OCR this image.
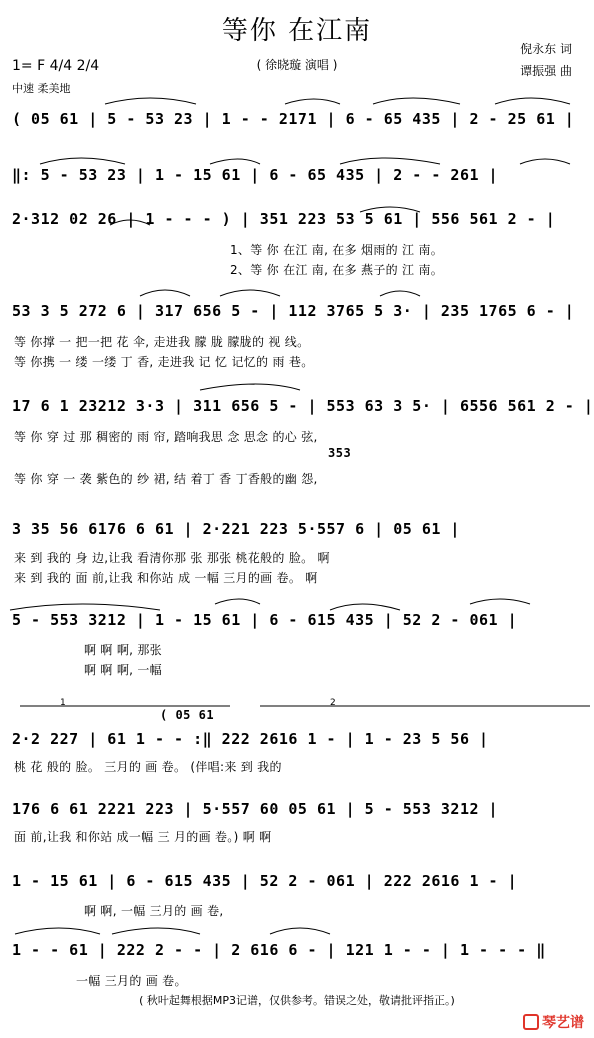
等你 在江南
( 徐晓璇 演唱 )
倪永东 词
谭振强 曲
1= F 4/4 2/4
中速 柔美地
( 05 61 | 5 - 53 23 | 1 - - 2171 | 6 - 65 435 | 2 - 25 61 |
‖: 5 - 53 23 | 1 - 15 61 | 6 - 65 435 | 2 - - 261 |
2·312 02 26 | 1 - - - ) | 351 223 53 5 61 | 556 561 2 - |
1、等 你 在江 南, 在多 烟雨的 江 南。
2、等 你 在江 南, 在多 燕子的 江 南。
53 3 5 272 6 | 317 656 5 - | 112 3765 5 3· | 235 1765 6 - |
等 你撑 一 把一把 花 伞, 走进我 朦 胧 朦胧的 视 线。
等 你携 一 缕 一缕 丁 香, 走进我 记 忆 记忆的 雨 巷。
17 6 1 23212 3·3 | 311 656 5 - | 553 63 3 5· | 6556 561 2 - |
等 你 穿 过 那 稠密的 雨 帘, 踏响我思 念 思念 的心 弦,
353
等 你 穿 一 袭 紫色的 纱 裙, 结 着丁 香 丁香般的幽 怨,
3 35 56 6176 6 61 | 2·221 223 5·557 6 | 05 61 |
来 到 我的 身 边,让我 看清你那 张 那张 桃花般的 脸。 啊
来 到 我的 面 前,让我 和你站 成 一幅 三月的画 卷。 啊
5 - 553 3212 | 1 - 15 61 | 6 - 615 435 | 52 2 - 061 |
啊 啊 啊, 那张
啊 啊 啊, 一幅
1	2
( 05 61
2·2 227 | 61 1 - - :‖ 222 2616 1 - | 1 - 23 5 56 |
桃 花 般的 脸。 三月的 画 卷。 (伴唱:来 到 我的
176 6 61 2221 223 | 5·557 60 05 61 | 5 - 553 3212 |
面 前,让我 和你站 成一幅 三 月的画 卷。) 啊 啊
1 - 15 61 | 6 - 615 435 | 52 2 - 061 | 222 2616 1 - |
啊 啊, 一幅 三月的 画 卷,
1 - - 61 | 222 2 - - | 2 616 6 - | 121 1 - - | 1 - - - ‖
一幅 三月的 画 卷。
( 秋叶起舞根据MP3记谱，仅供参考。错误之处，敬请批评指正。)
琴艺谱
